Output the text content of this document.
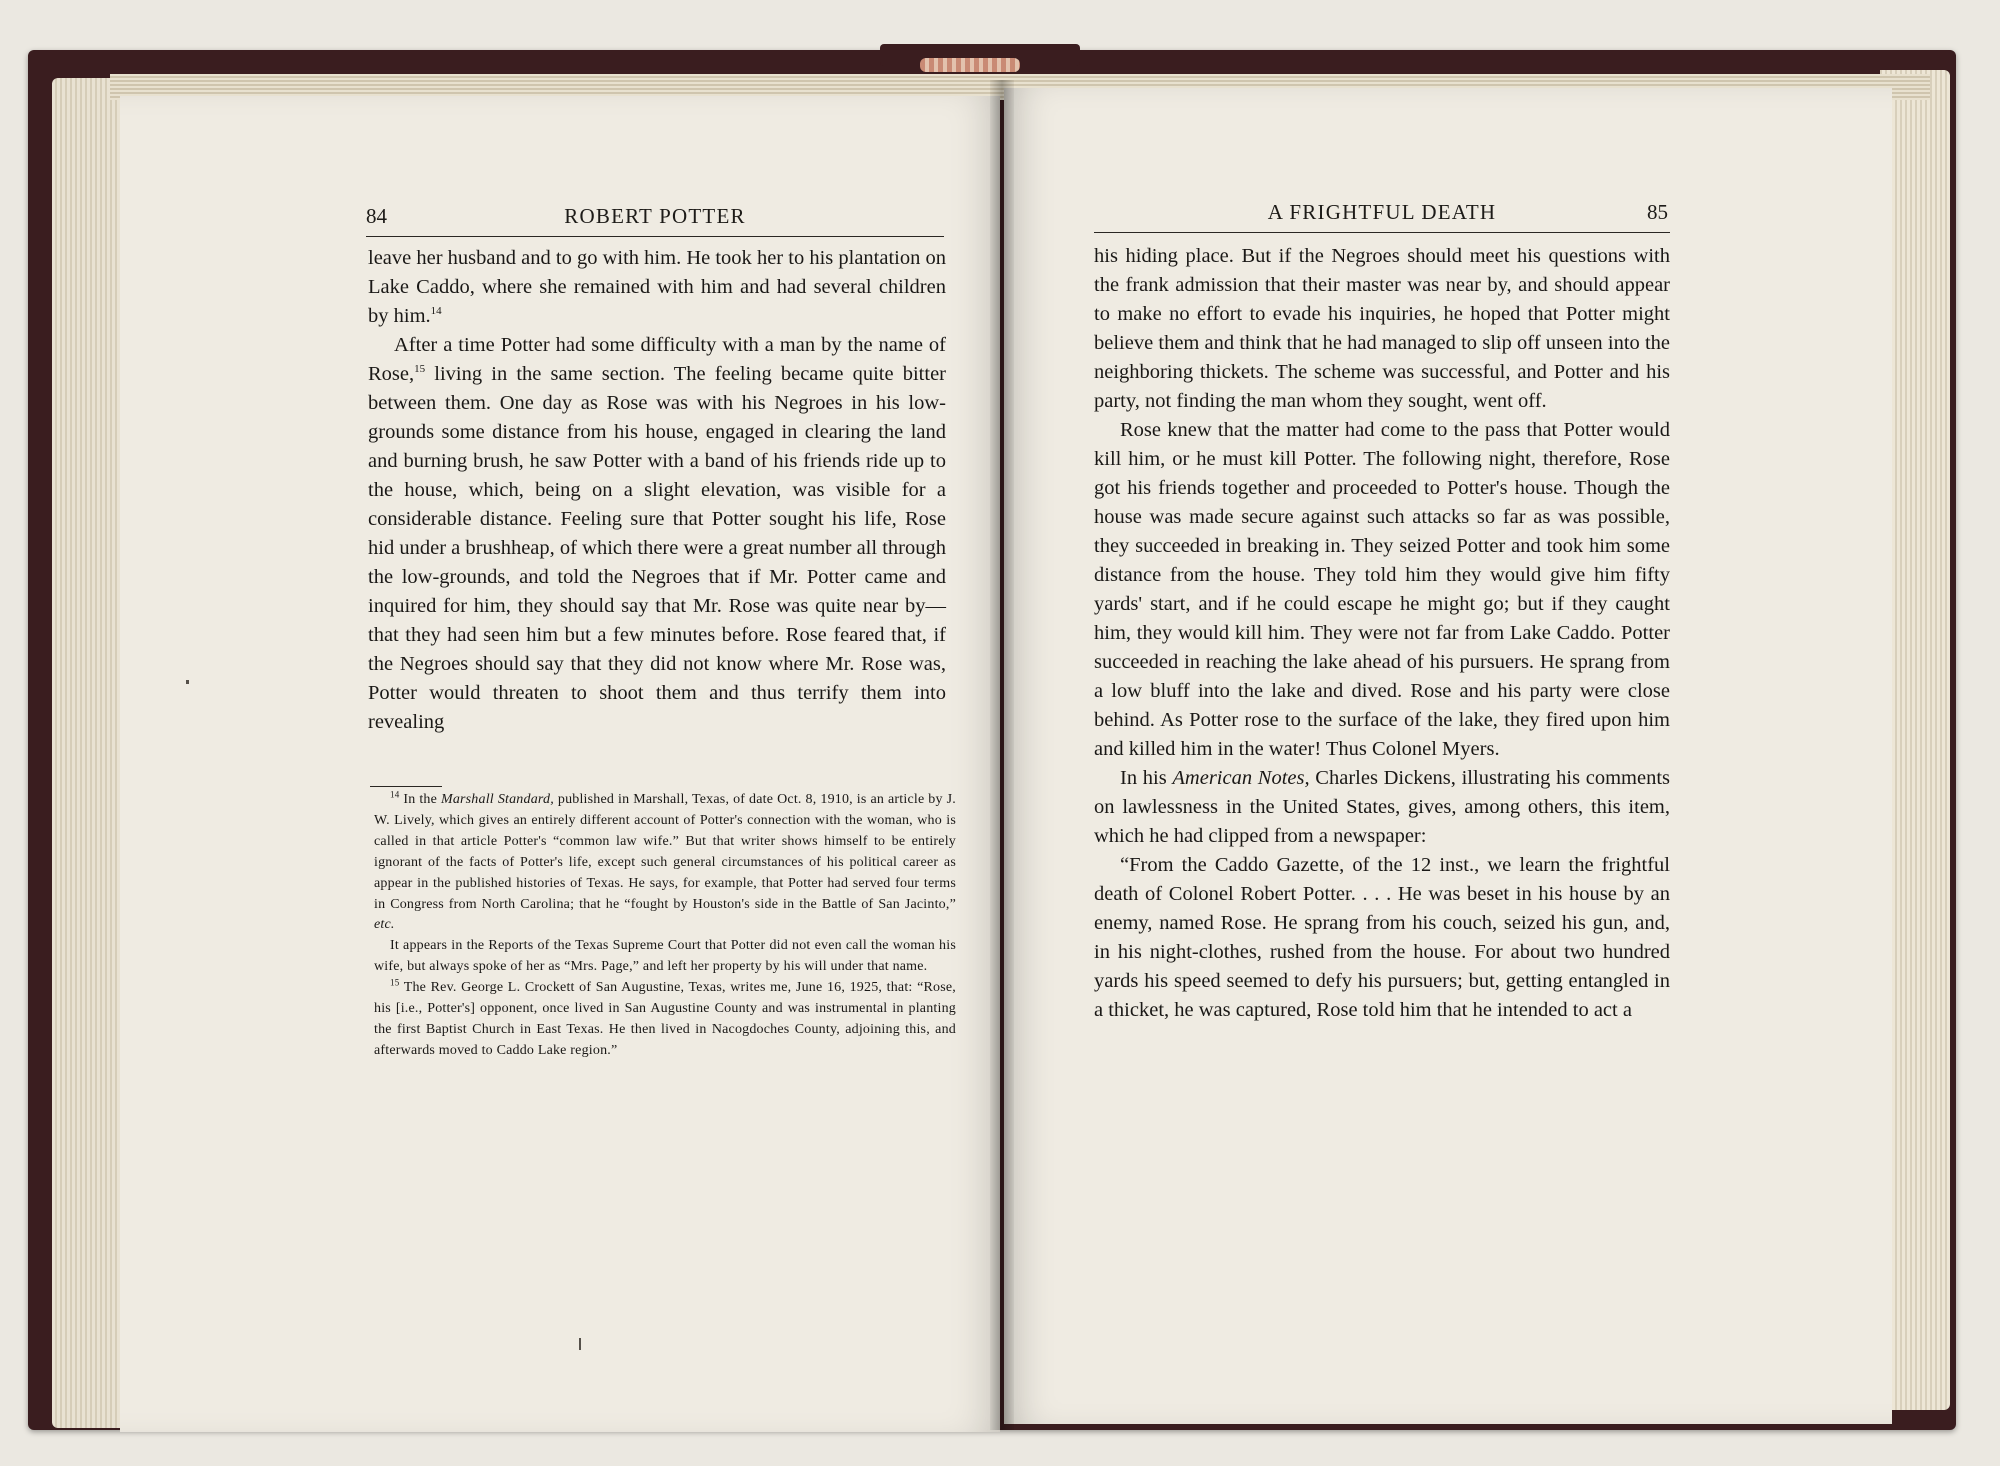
84	ROBERT POTTER

leave her husband and to go with him. He took her to his plantation on Lake Caddo, where she remained with him and had several children by him.$^{14}$

After a time Potter had some difficulty with a man by the name of Rose,$^{15}$ living in the same section. The feeling became quite bitter between them. One day as Rose was with his Negroes in his low-grounds some distance from his house, engaged in clearing the land and burning brush, he saw Potter with a band of his friends ride up to the house, which, being on a slight elevation, was visible for a considerable distance. Feeling sure that Potter sought his life, Rose hid under a brushheap, of which there were a great number all through the low-grounds, and told the Negroes that if Mr. Potter came and inquired for him, they should say that Mr. Rose was quite near by—that they had seen him but a few minutes before. Rose feared that, if the Negroes should say that they did not know where Mr. Rose was, Potter would threaten to shoot them and thus terrify them into revealing

$^{14}$ In the Marshall Standard, published in Marshall, Texas, of date Oct. 8, 1910, is an article by J. W. Lively, which gives an entirely different account of Potter's connection with the woman, who is called in that article Potter's “common law wife.” But that writer shows himself to be entirely ignorant of the facts of Potter's life, except such general circumstances of his political career as appear in the published histories of Texas. He says, for example, that Potter had served four terms in Congress from North Carolina; that he “fought by Houston's side in the Battle of San Jacinto,” etc.

It appears in the Reports of the Texas Supreme Court that Potter did not even call the woman his wife, but always spoke of her as “Mrs. Page,” and left her property by his will under that name.

$^{15}$ The Rev. George L. Crockett of San Augustine, Texas, writes me, June 16, 1925, that: “Rose, his [i.e., Potter's] opponent, once lived in San Augustine County and was instrumental in planting the first Baptist Church in East Texas. He then lived in Nacogdoches County, adjoining this, and afterwards moved to Caddo Lake region.”

A FRIGHTFUL DEATH	85

his hiding place. But if the Negroes should meet his questions with the frank admission that their master was near by, and should appear to make no effort to evade his inquiries, he hoped that Potter might believe them and think that he had managed to slip off unseen into the neighboring thickets. The scheme was successful, and Potter and his party, not finding the man whom they sought, went off.

Rose knew that the matter had come to the pass that Potter would kill him, or he must kill Potter. The following night, therefore, Rose got his friends together and proceeded to Potter's house. Though the house was made secure against such attacks so far as was possible, they succeeded in breaking in. They seized Potter and took him some distance from the house. They told him they would give him fifty yards' start, and if he could escape he might go; but if they caught him, they would kill him. They were not far from Lake Caddo. Potter succeeded in reaching the lake ahead of his pursuers. He sprang from a low bluff into the lake and dived. Rose and his party were close behind. As Potter rose to the surface of the lake, they fired upon him and killed him in the water! Thus Colonel Myers.

In his American Notes, Charles Dickens, illustrating his comments on lawlessness in the United States, gives, among others, this item, which he had clipped from a newspaper:

“From the Caddo Gazette, of the 12 inst., we learn the frightful death of Colonel Robert Potter. . . . He was beset in his house by an enemy, named Rose. He sprang from his couch, seized his gun, and, in his night-clothes, rushed from the house. For about two hundred yards his speed seemed to defy his pursuers; but, getting entangled in a thicket, he was captured, Rose told him that he intended to act a
